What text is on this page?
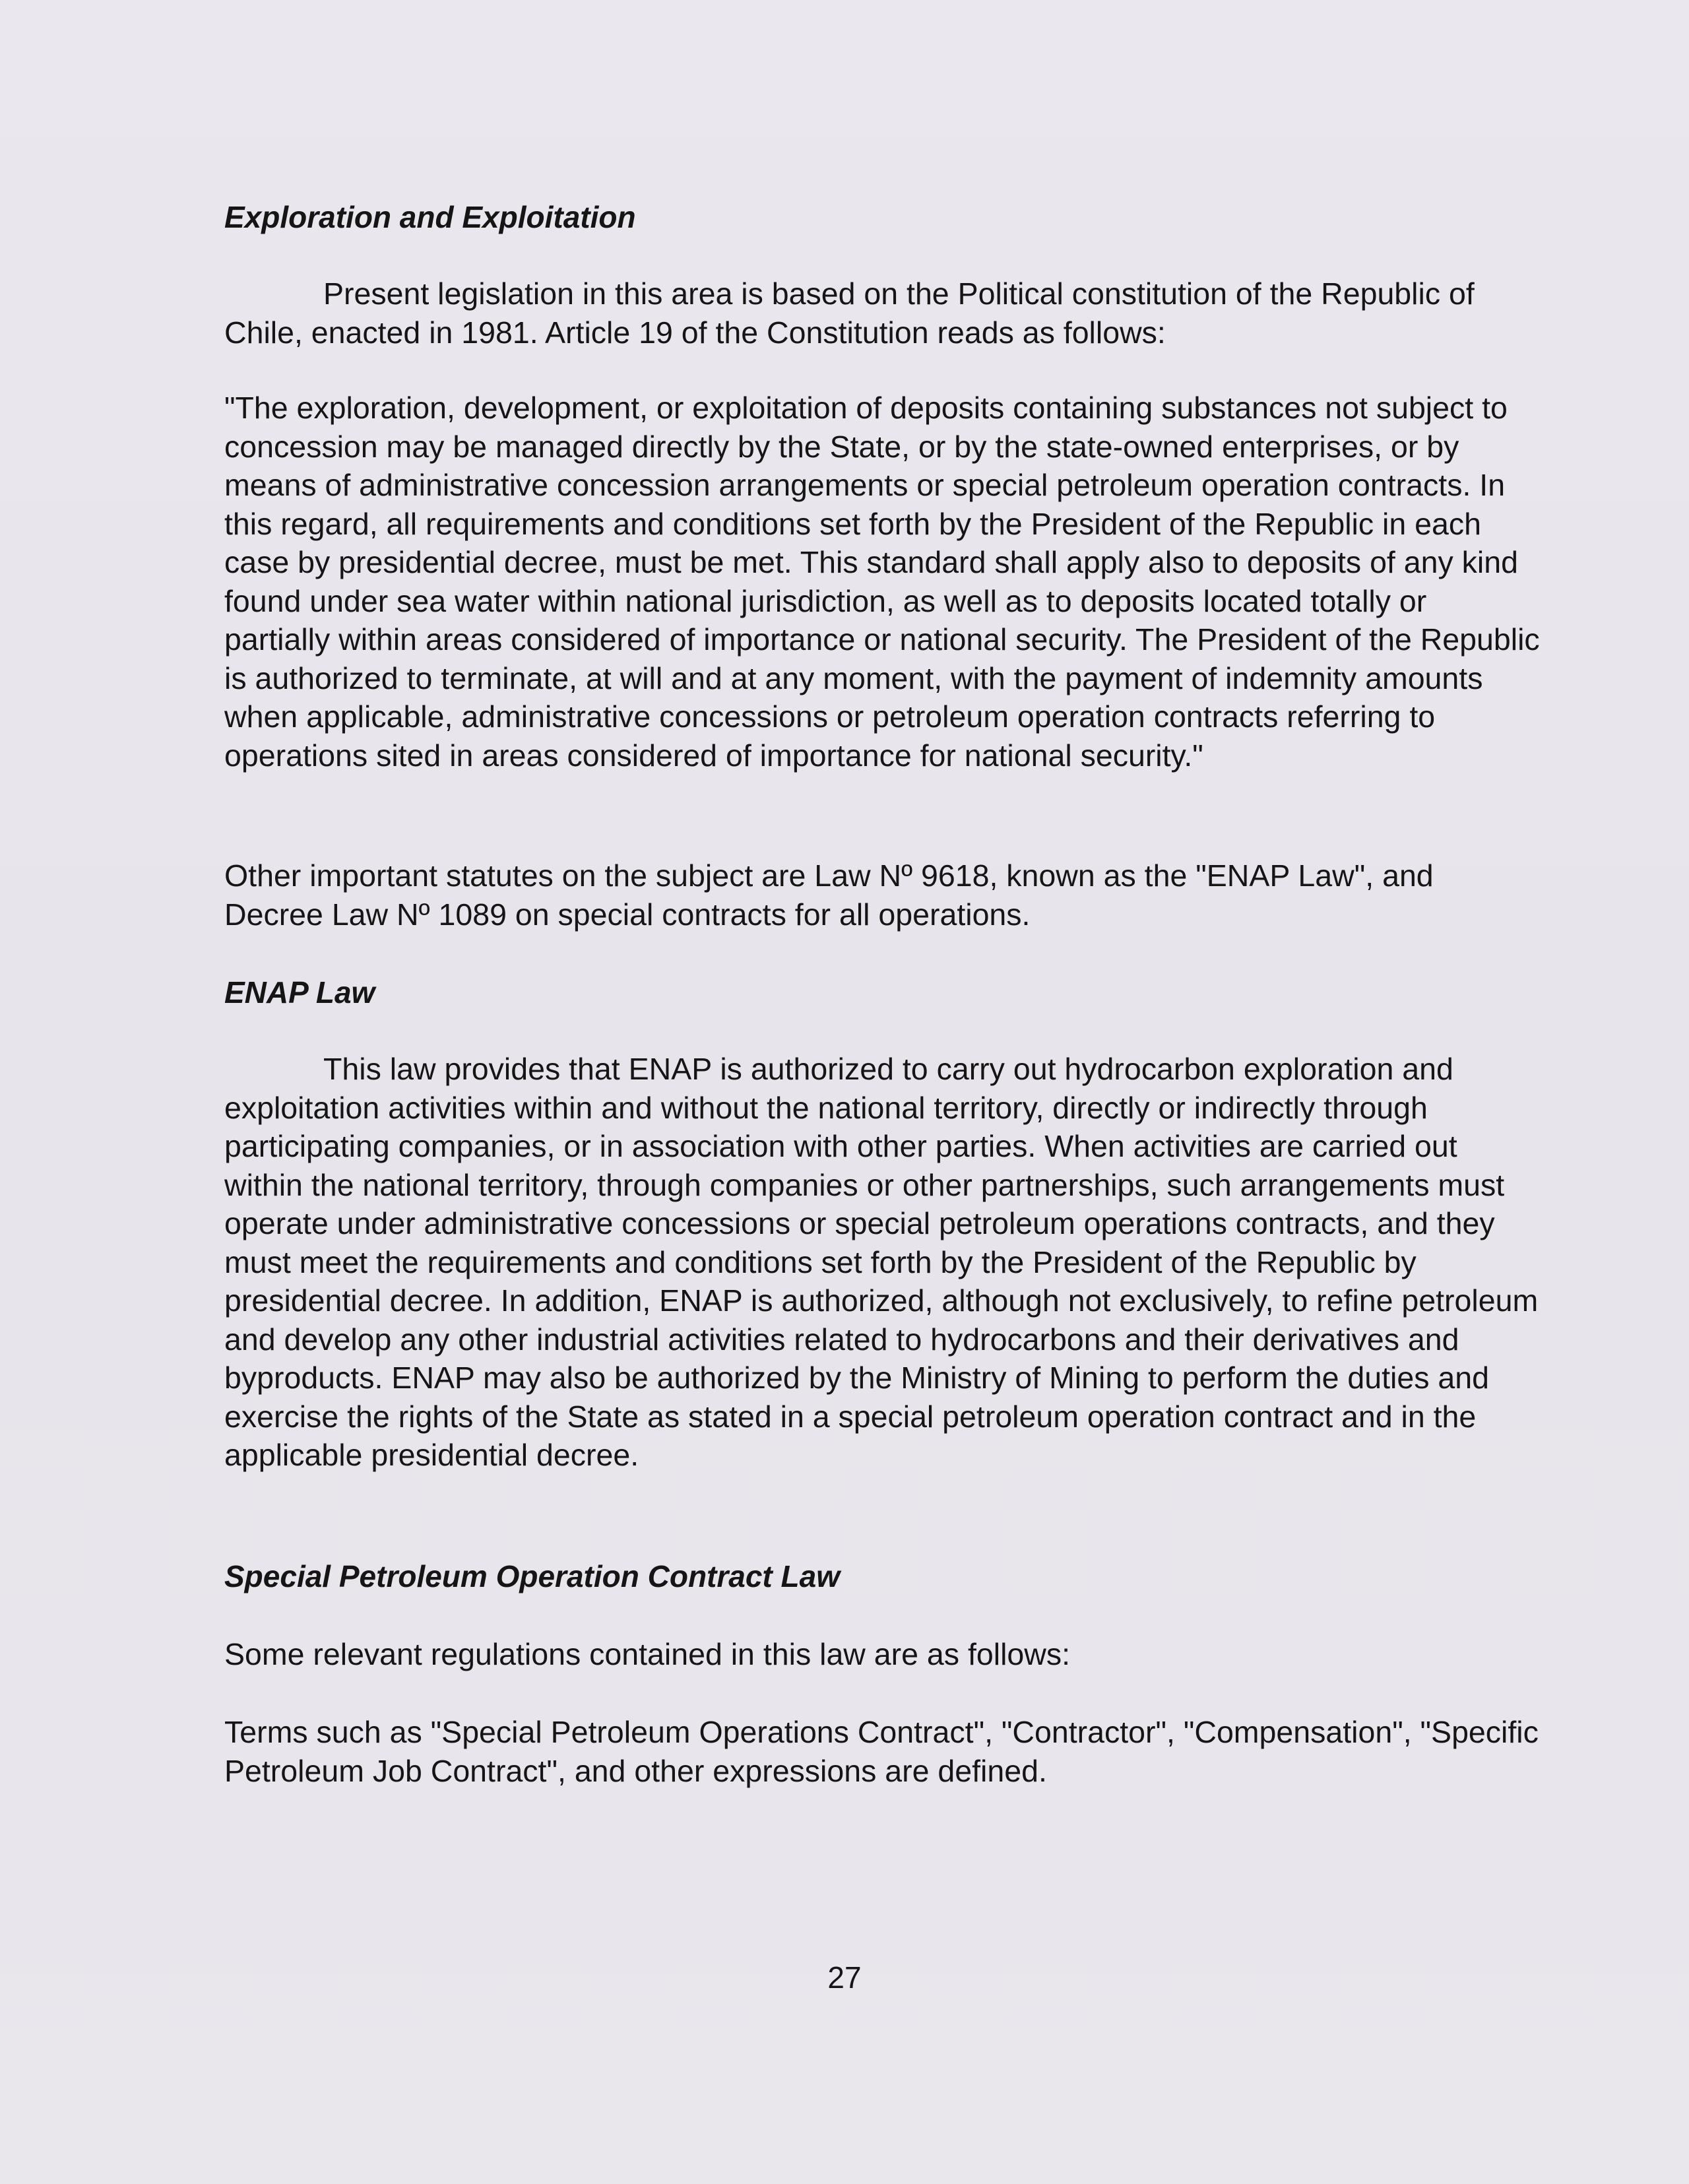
Exploration and Exploitation

Present legislation in this area is based on the Political constitution of the Republic of Chile, enacted in 1981. Article 19 of the Constitution reads as follows:

"The exploration, development, or exploitation of deposits containing substances not subject to concession may be managed directly by the State, or by the state-owned enterprises, or by means of administrative concession arrangements or special petroleum operation contracts. In this regard, all requirements and conditions set forth by the President of the Republic in each case by presidential decree, must be met. This standard shall apply also to deposits of any kind found under sea water within national jurisdiction, as well as to deposits located totally or partially within areas considered of importance or national security. The President of the Republic is authorized to terminate, at will and at any moment, with the payment of indemnity amounts when applicable, administrative concessions or petroleum operation contracts referring to operations sited in areas considered of importance for national security."

Other important statutes on the subject are Law Nº 9618, known as the "ENAP Law", and Decree Law Nº 1089 on special contracts for all operations.

ENAP Law

This law provides that ENAP is authorized to carry out hydrocarbon exploration and exploitation activities within and without the national territory, directly or indirectly through participating companies, or in association with other parties. When activities are carried out within the national territory, through companies or other partnerships, such arrangements must operate under administrative concessions or special petroleum operations contracts, and they must meet the requirements and conditions set forth by the President of the Republic by presidential decree. In addition, ENAP is authorized, although not exclusively, to refine petroleum and develop any other industrial activities related to hydrocarbons and their derivatives and byproducts. ENAP may also be authorized by the Ministry of Mining to perform the duties and exercise the rights of the State as stated in a special petroleum operation contract and in the applicable presidential decree.

Special Petroleum Operation Contract Law

Some relevant regulations contained in this law are as follows:

Terms such as "Special Petroleum Operations Contract", "Contractor", "Compensation", "Specific Petroleum Job Contract", and other expressions are defined.

27
